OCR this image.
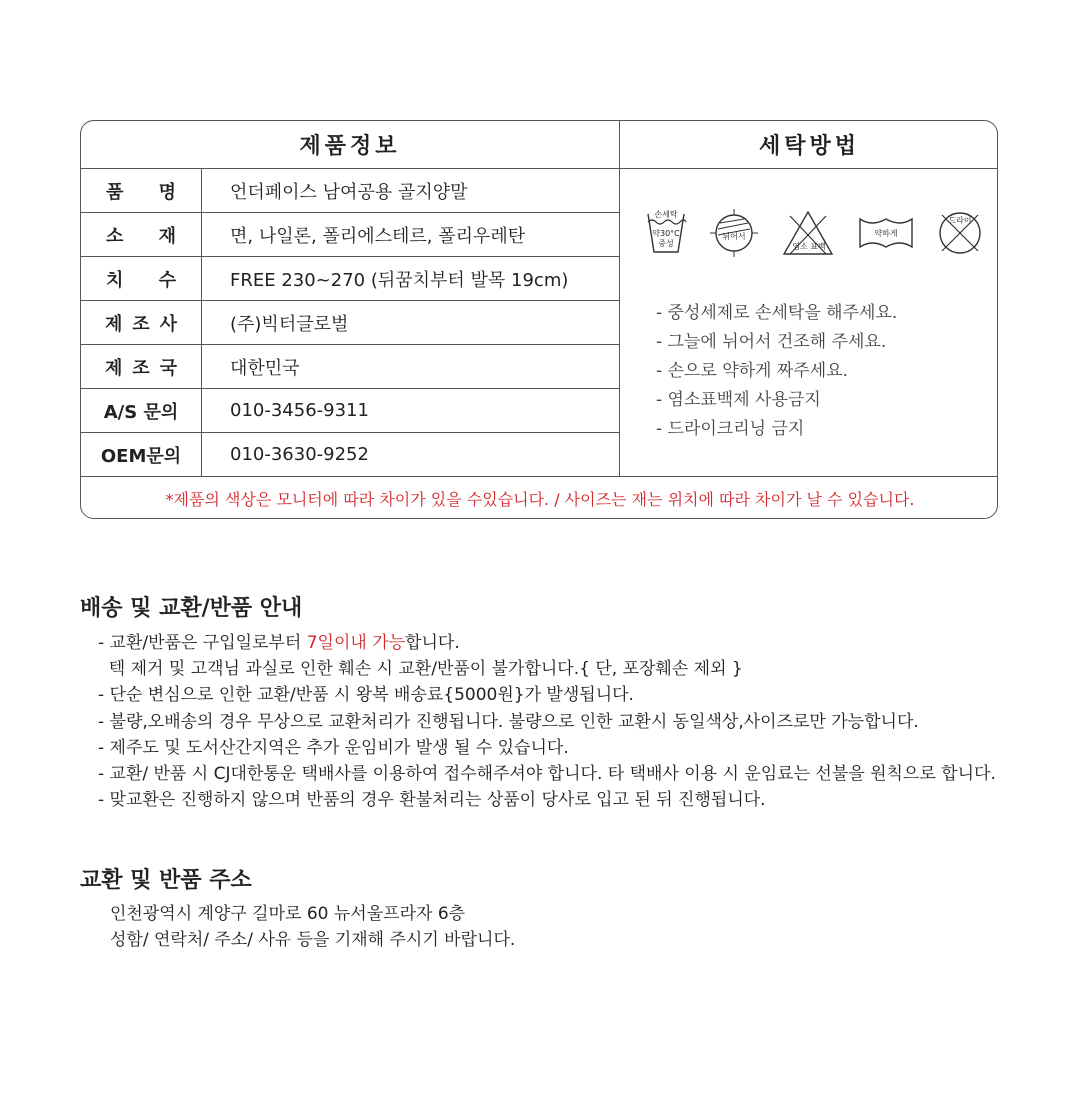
제품정보	세탁방법
품 명	언더페이스 남여공용 골지양말
소 재	면, 나일론, 폴리에스테르, 폴리우레탄
치 수	FREE 230~270 (뒤꿈치부터 발목 19cm)
제 조 사	(주)빅터글로벌
제 조 국	대한민국
A/S 문의	010-3456-9311
OEM문의	010-3630-9252
손세탁
약30°C
중성
뉘어서
염소 표백
약하게
드라이
- 중성세제로 손세탁을 해주세요.
- 그늘에 뉘어서 건조해 주세요.
- 손으로 약하게 짜주세요.
- 염소표백제 사용금지
- 드라이크리닝 금지
*제품의 색상은 모니터에 따라 차이가 있을 수있습니다. / 사이즈는 재는 위치에 따라 차이가 날 수 있습니다.
배송 및 교환/반품 안내
- 교환/반품은 구입일로부터 7일이내 가능합니다.
텍 제거 및 고객님 과실로 인한 훼손 시 교환/반품이 불가합니다.{ 단, 포장훼손 제외 }
- 단순 변심으로 인한 교환/반품 시 왕복 배송료{5000원}가 발생됩니다.
- 불량,오배송의 경우 무상으로 교환처리가 진행됩니다. 불량으로 인한 교환시 동일색상,사이즈로만 가능합니다.
- 제주도 및 도서산간지역은 추가 운임비가 발생 될 수 있습니다.
- 교환/ 반품 시 CJ대한통운 택배사를 이용하여 접수해주셔야 합니다. 타 택배사 이용 시 운임료는 선불을 원칙으로 합니다.
- 맞교환은 진행하지 않으며 반품의 경우 환불처리는 상품이 당사로 입고 된 뒤 진행됩니다.
교환 및 반품 주소
인천광역시 계양구 길마로 60 뉴서울프라자 6층
성함/ 연락처/ 주소/ 사유 등을 기재해 주시기 바랍니다.
